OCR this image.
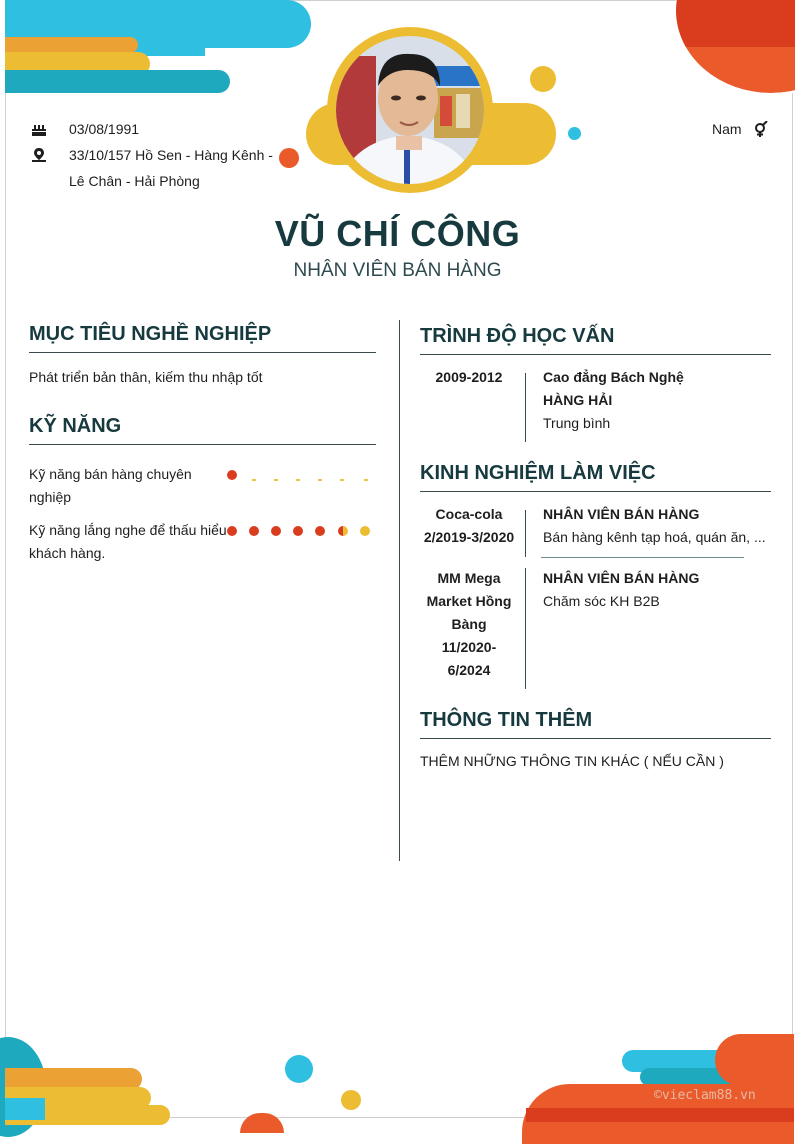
03/08/1991
33/10/157 Hồ Sen - Hàng Kênh -
Lê Chân - Hải Phòng
Nam
VŨ CHÍ CÔNG
NHÂN VIÊN BÁN HÀNG
MỤC TIÊU NGHỀ NGHIỆP
Phát triển bản thân, kiếm thu nhập tốt
KỸ NĂNG
Kỹ năng bán hàng chuyên
nghiệp
Kỹ năng lắng nghe để thấu hiểu
khách hàng.
TRÌNH ĐỘ HỌC VẤN
2009-2012	Cao đẳng Bách Nghệ
HÀNG HẢI
Trung bình
KINH NGHIỆM LÀM VIỆC
Coca-cola
2/2019-3/2020
NHÂN VIÊN BÁN HÀNG
Bán hàng kênh tạp hoá, quán ăn, ...
MM Mega
Market Hồng
Bàng
11/2020-
6/2024
NHÂN VIÊN BÁN HÀNG
Chăm sóc KH B2B
THÔNG TIN THÊM
THÊM NHỮNG THÔNG TIN KHÁC ( NẾU CẦN )
©vieclam88.vn
